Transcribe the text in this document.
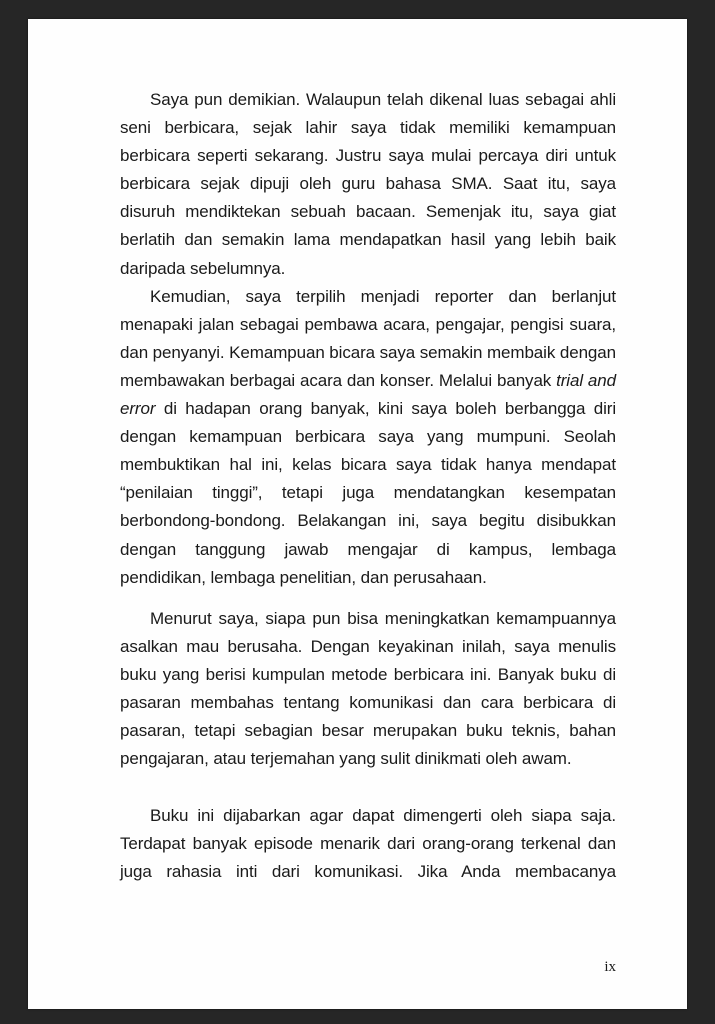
Saya pun demikian. Walaupun telah dikenal luas sebagai ahli seni berbicara, sejak lahir saya tidak memiliki kemampuan berbicara seperti sekarang. Justru saya mulai percaya diri untuk berbicara sejak dipuji oleh guru bahasa SMA. Saat itu, saya disuruh mendiktekan sebuah bacaan. Semenjak itu, saya giat berlatih dan semakin lama mendapatkan hasil yang lebih baik daripada sebelumnya.

Kemudian, saya terpilih menjadi reporter dan berlanjut menapaki jalan sebagai pembawa acara, pengajar, pengisi suara, dan penyanyi. Kemampuan bicara saya semakin membaik dengan membawakan berbagai acara dan konser. Melalui banyak trial and error di hadapan orang banyak, kini saya boleh berbangga diri dengan kemampuan berbicara saya yang mumpuni. Seolah membuktikan hal ini, kelas bicara saya tidak hanya mendapat “penilaian tinggi”, tetapi juga mendatangkan kesempatan berbondong-bondong. Belakangan ini, saya begitu disibukkan dengan tanggung jawab mengajar di kampus, lembaga pendidikan, lembaga penelitian, dan perusahaan.

Menurut saya, siapa pun bisa meningkatkan kemampuannya asalkan mau berusaha. Dengan keyakinan inilah, saya menulis buku yang berisi kumpulan metode berbicara ini. Banyak buku di pasaran membahas tentang komunikasi dan cara berbicara di pasaran, tetapi sebagian besar merupakan buku teknis, bahan pengajaran, atau terjemahan yang sulit dinikmati oleh awam.

Buku ini dijabarkan agar dapat dimengerti oleh siapa saja. Terdapat banyak episode menarik dari orang-orang terkenal dan juga rahasia inti dari komunikasi. Jika Anda membacanya

ix
